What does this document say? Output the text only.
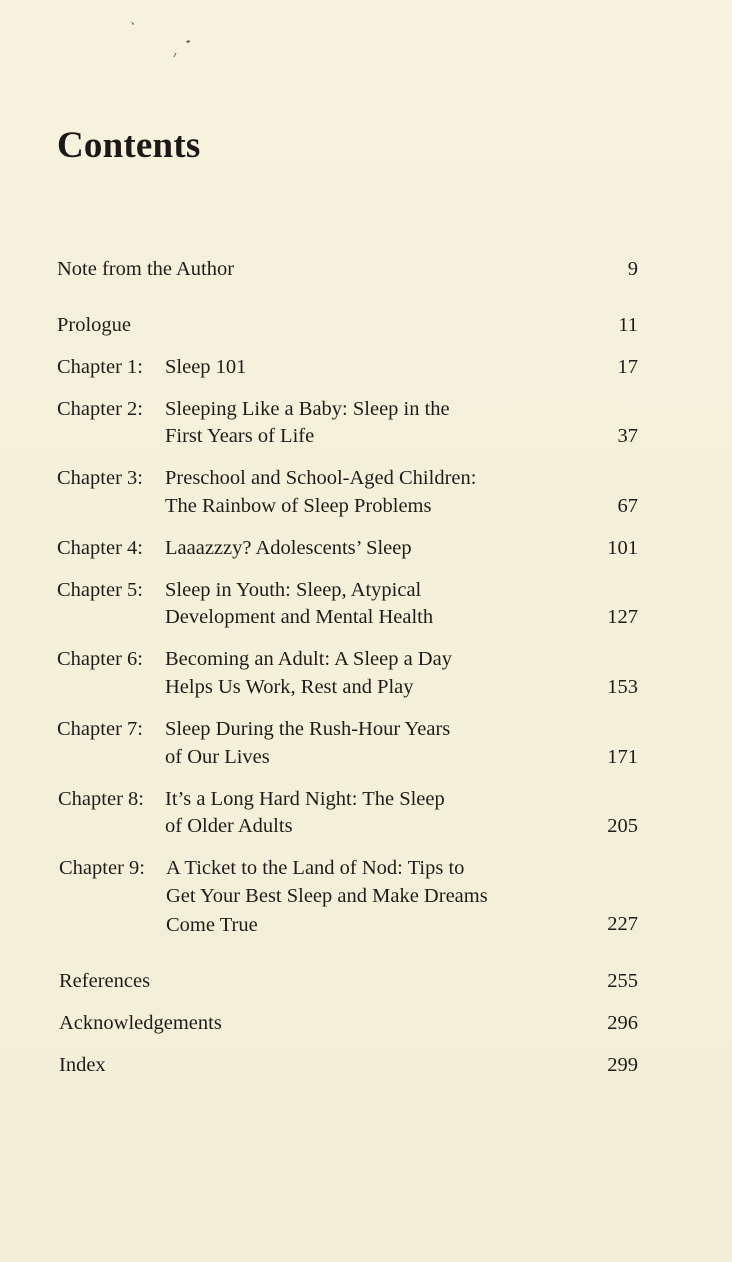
Contents
Note from the Author	9
Prologue	11
Chapter 1: Sleep 101	17
Chapter 2: Sleeping Like a Baby: Sleep in the
First Years of Life	37
Chapter 3: Preschool and School-Aged Children:
The Rainbow of Sleep Problems	67
Chapter 4: Laaazzzy? Adolescents’ Sleep	101
Chapter 5: Sleep in Youth: Sleep, Atypical
Development and Mental Health	127
Chapter 6: Becoming an Adult: A Sleep a Day
Helps Us Work, Rest and Play	153
Chapter 7: Sleep During the Rush-Hour Years
of Our Lives	171
Chapter 8: It’s a Long Hard Night: The Sleep
of Older Adults	205
Chapter 9: A Ticket to the Land of Nod: Tips to
Get Your Best Sleep and Make Dreams
Come True	227
References	255
Acknowledgements	296
Index	299
